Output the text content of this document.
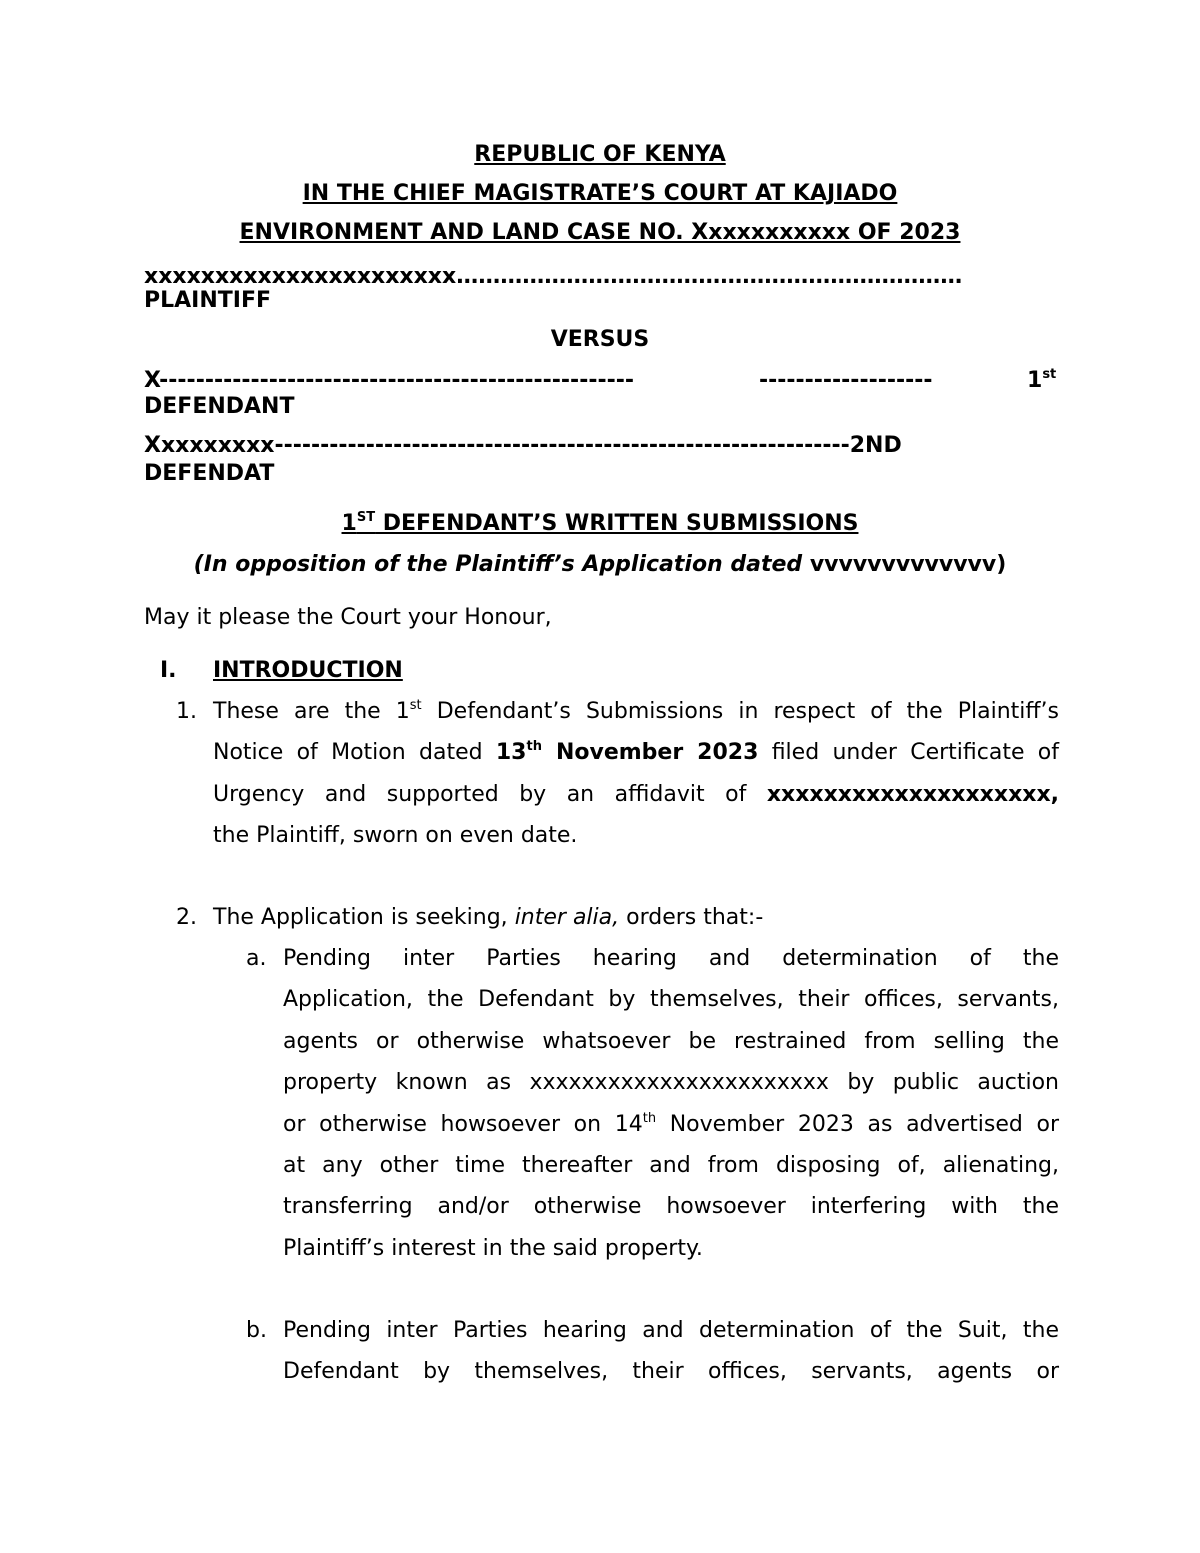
REPUBLIC OF KENYA
IN THE CHIEF MAGISTRATE’S COURT AT KAJIADO
ENVIRONMENT AND LAND CASE NO. Xxxxxxxxxxx OF 2023
xxxxxxxxxxxxxxxxxxxxxx……………………………………………………………
PLAINTIFF
VERSUS
X----------------------------------------------------	-------------------	1st
DEFENDANT
Xxxxxxxxx---------------------------------------------------------------2ND
DEFENDAT
1ST DEFENDANT’S WRITTEN SUBMISSIONS
(In opposition of the Plaintiff’s Application dated vvvvvvvvvvvvv)
May it please the Court your Honour,
I. INTRODUCTION
1. These are the 1st Defendant’s Submissions in respect of the Plaintiff’s
Notice of Motion dated 13th November 2023 filed under Certificate of
Urgency and supported by an affidavit of xxxxxxxxxxxxxxxxxxxx,
the Plaintiff, sworn on even date.
2. The Application is seeking, inter alia, orders that:-
a. Pending inter Parties hearing and determination of the
Application, the Defendant by themselves, their offices, servants,
agents or otherwise whatsoever be restrained from selling the
property known as xxxxxxxxxxxxxxxxxxxxxxx by public auction
or otherwise howsoever on 14th November 2023 as advertised or
at any other time thereafter and from disposing of, alienating,
transferring and/or otherwise howsoever interfering with the
Plaintiff’s interest in the said property.
b. Pending inter Parties hearing and determination of the Suit, the
Defendant by themselves, their offices, servants, agents or
